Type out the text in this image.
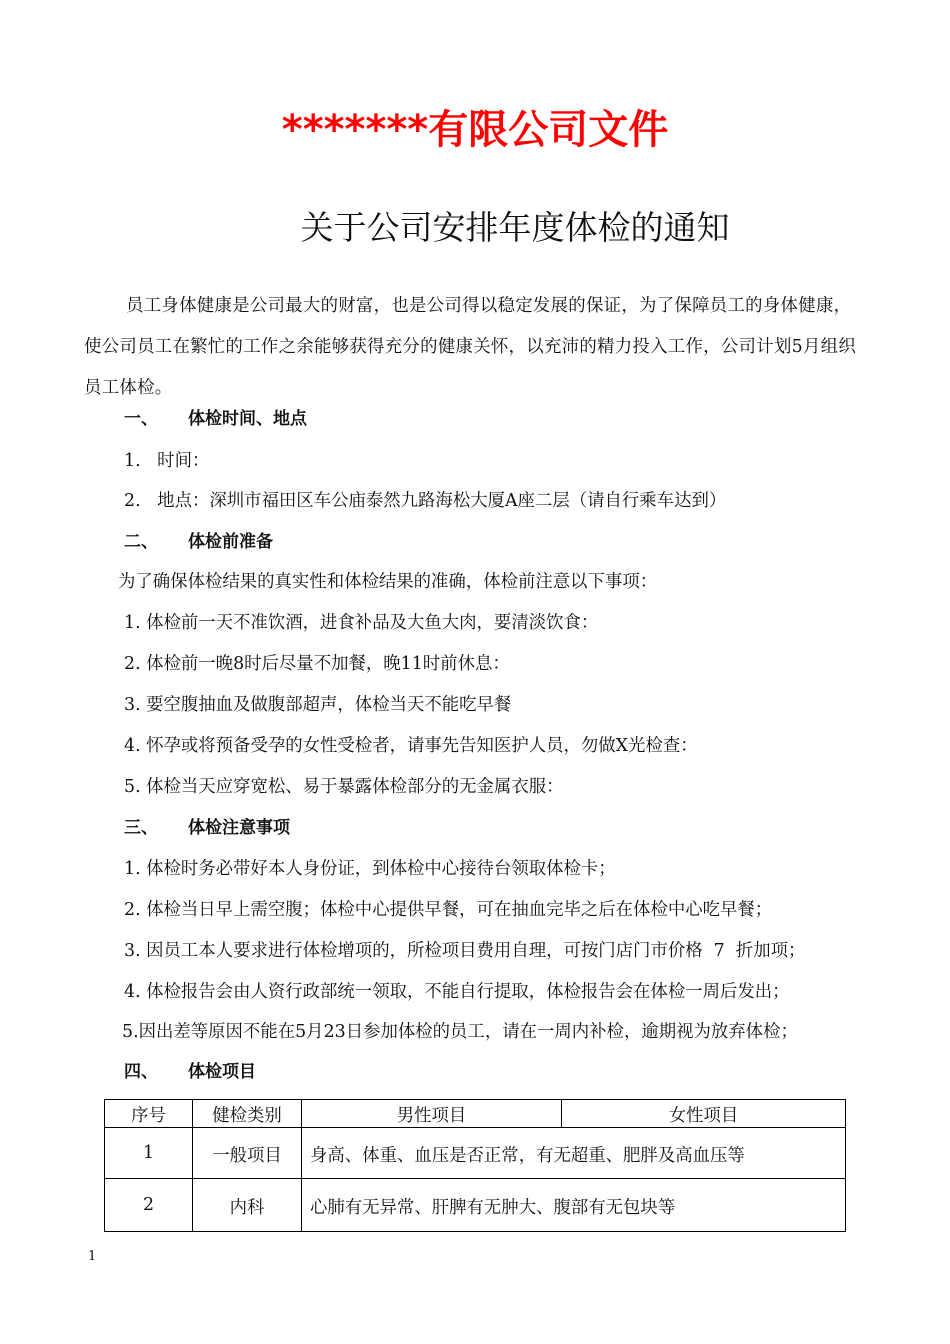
*******有限公司文件
关于公司安排年度体检的通知

员工身体健康是公司最大的财富，也是公司得以稳定发展的保证，为了保障员工的身体健康，使公司员工在繁忙的工作之余能够获得充分的健康关怀，以充沛的精力投入工作，公司计划5月组织员工体检。

一、 体检时间、地点

1.   时间：

2.   地点：深圳市福田区车公庙泰然九路海松大厦A座二层（请自行乘车达到）

二、 体检前准备

为了确保体检结果的真实性和体检结果的准确，体检前注意以下事项：

1. 体检前一天不准饮酒，进食补品及大鱼大肉，要清淡饮食：

2. 体检前一晚8时后尽量不加餐，晚11时前休息：

3. 要空腹抽血及做腹部超声，体检当天不能吃早餐

4. 怀孕或将预备受孕的女性受检者，请事先告知医护人员，勿做X光检查：

5. 体检当天应穿宽松、易于暴露体检部分的无金属衣服：

三、 体检注意事项

1. 体检时务必带好本人身份证，到体检中心接待台领取体检卡；

2. 体检当日早上需空腹；体检中心提供早餐，可在抽血完毕之后在体检中心吃早餐；

3. 因员工本人要求进行体检增项的，所检项目费用自理，可按门店门市价格  7  折加项；

4. 体检报告会由人资行政部统一领取，不能自行提取，体检报告会在体检一周后发出；

5.因出差等原因不能在5月23日参加体检的员工，请在一周内补检，逾期视为放弃体检；

四、 体检项目
序号	健检类别	男性项目	女性项目
1	一般项目	身高、体重、血压是否正常，有无超重、肥胖及高血压等	
2	内科	心肺有无异常、肝脾有无肿大、腹部有无包块等	
1
